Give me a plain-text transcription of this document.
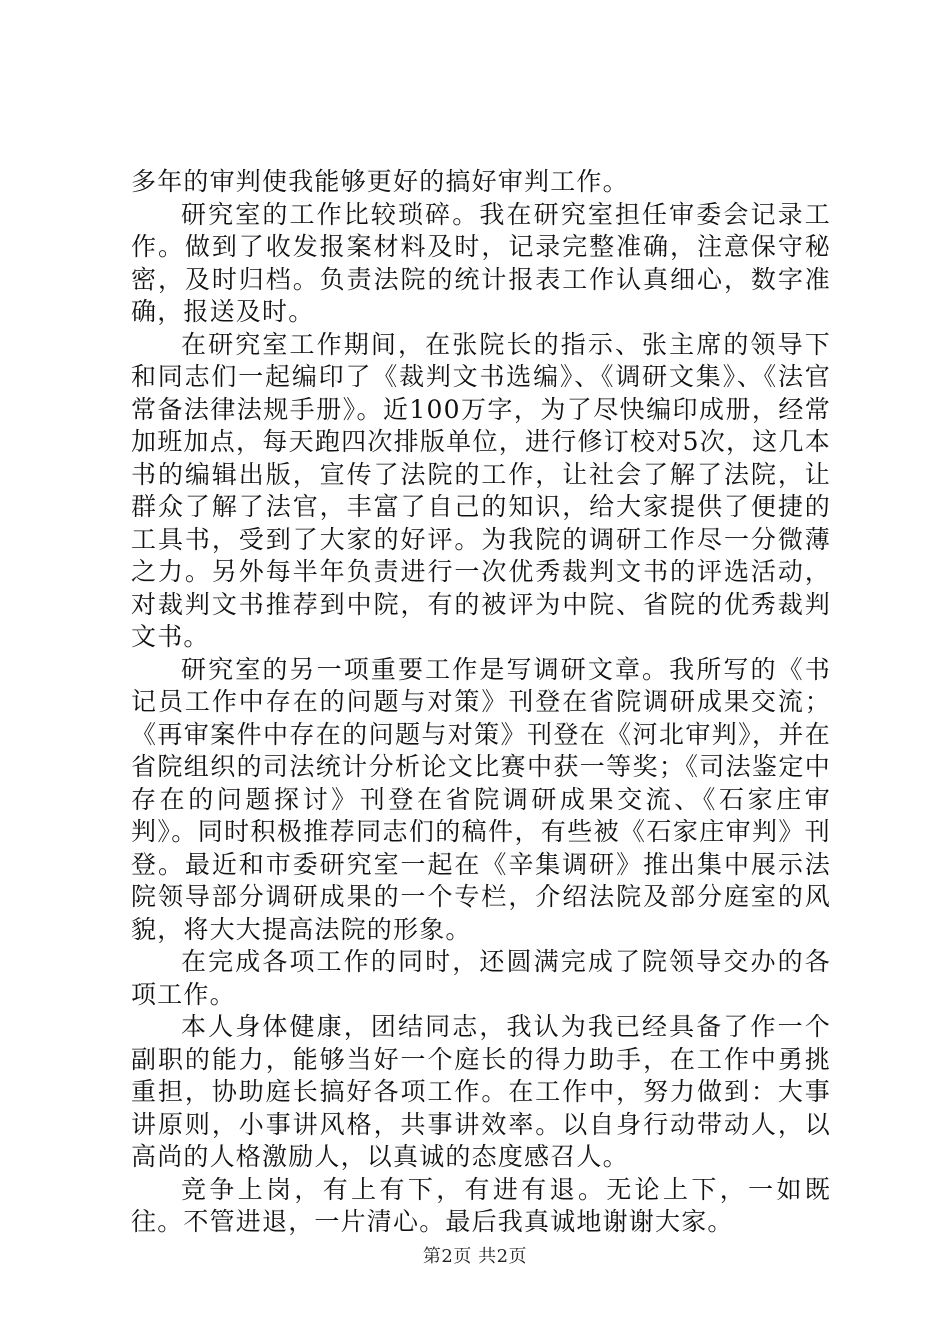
多年的审判使我能够更好的搞好审判工作。

研究室的工作比较琐碎。我在研究室担任审委会记录工作。做到了收发报案材料及时，记录完整准确，注意保守秘密，及时归档。负责法院的统计报表工作认真细心，数字准确，报送及时。

在研究室工作期间，在张院长的指示、张主席的领导下和同志们一起编印了《裁判文书选编》、《调研文集》、《法官常备法律法规手册》。近100万字，为了尽快编印成册，经常加班加点，每天跑四次排版单位，进行修订校对5次，这几本书的编辑出版，宣传了法院的工作，让社会了解了法院，让群众了解了法官，丰富了自己的知识，给大家提供了便捷的工具书，受到了大家的好评。为我院的调研工作尽一分微薄之力。另外每半年负责进行一次优秀裁判文书的评选活动，对裁判文书推荐到中院，有的被评为中院、省院的优秀裁判文书。

研究室的另一项重要工作是写调研文章。我所写的《书记员工作中存在的问题与对策》刊登在省院调研成果交流；《再审案件中存在的问题与对策》刊登在《河北审判》，并在省院组织的司法统计分析论文比赛中获一等奖；《司法鉴定中存在的问题探讨》刊登在省院调研成果交流、《石家庄审判》。同时积极推荐同志们的稿件，有些被《石家庄审判》刊登。最近和市委研究室一起在《辛集调研》推出集中展示法院领导部分调研成果的一个专栏，介绍法院及部分庭室的风貌，将大大提高法院的形象。

在完成各项工作的同时，还圆满完成了院领导交办的各项工作。

本人身体健康，团结同志，我认为我已经具备了作一个副职的能力，能够当好一个庭长的得力助手，在工作中勇挑重担，协助庭长搞好各项工作。在工作中，努力做到：大事讲原则，小事讲风格，共事讲效率。以自身行动带动人，以高尚的人格激励人，以真诚的态度感召人。

竞争上岗，有上有下，有进有退。无论上下，一如既往。不管进退，一片清心。最后我真诚地谢谢大家。

第2页 共2页
